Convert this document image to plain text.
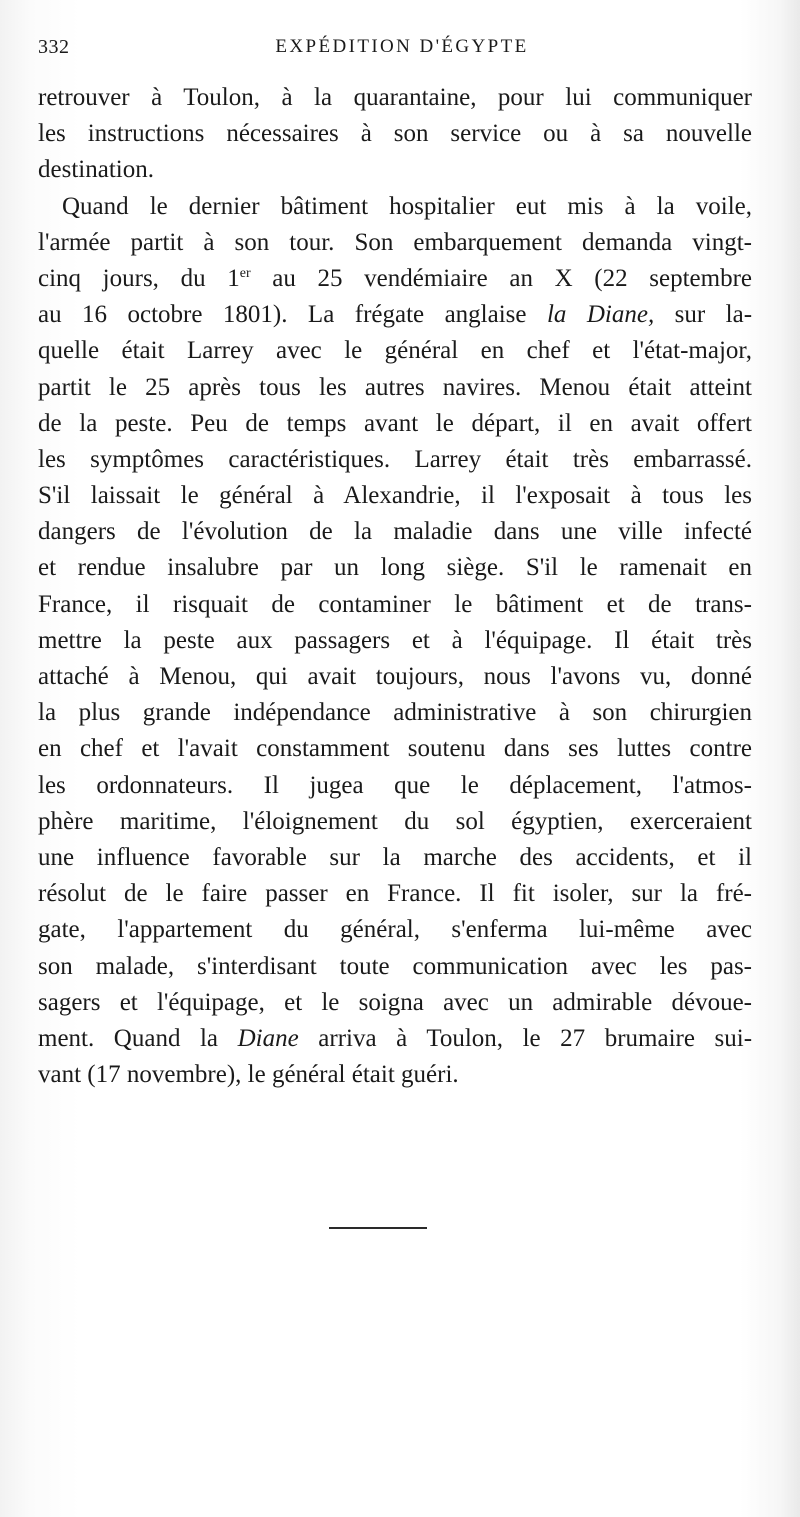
332	EXPÉDITION D'ÉGYPTE
retrouver à Toulon, à la quarantaine, pour lui communiquer
les instructions nécessaires à son service ou à sa nouvelle
destination.
Quand le dernier bâtiment hospitalier eut mis à la voile,
l'armée partit à son tour. Son embarquement demanda vingt-
cinq jours, du 1er au 25 vendémiaire an X (22 septembre
au 16 octobre 1801). La frégate anglaise la Diane, sur la-
quelle était Larrey avec le général en chef et l'état-major,
partit le 25 après tous les autres navires. Menou était atteint
de la peste. Peu de temps avant le départ, il en avait offert
les symptômes caractéristiques. Larrey était très embarrassé.
S'il laissait le général à Alexandrie, il l'exposait à tous les
dangers de l'évolution de la maladie dans une ville infecté
et rendue insalubre par un long siège. S'il le ramenait en
France, il risquait de contaminer le bâtiment et de trans-
mettre la peste aux passagers et à l'équipage. Il était très
attaché à Menou, qui avait toujours, nous l'avons vu, donné
la plus grande indépendance administrative à son chirurgien
en chef et l'avait constamment soutenu dans ses luttes contre
les ordonnateurs. Il jugea que le déplacement, l'atmos-
phère maritime, l'éloignement du sol égyptien, exerceraient
une influence favorable sur la marche des accidents, et il
résolut de le faire passer en France. Il fit isoler, sur la fré-
gate, l'appartement du général, s'enferma lui-même avec
son malade, s'interdisant toute communication avec les pas-
sagers et l'équipage, et le soigna avec un admirable dévoue-
ment. Quand la Diane arriva à Toulon, le 27 brumaire sui-
vant (17 novembre), le général était guéri.
